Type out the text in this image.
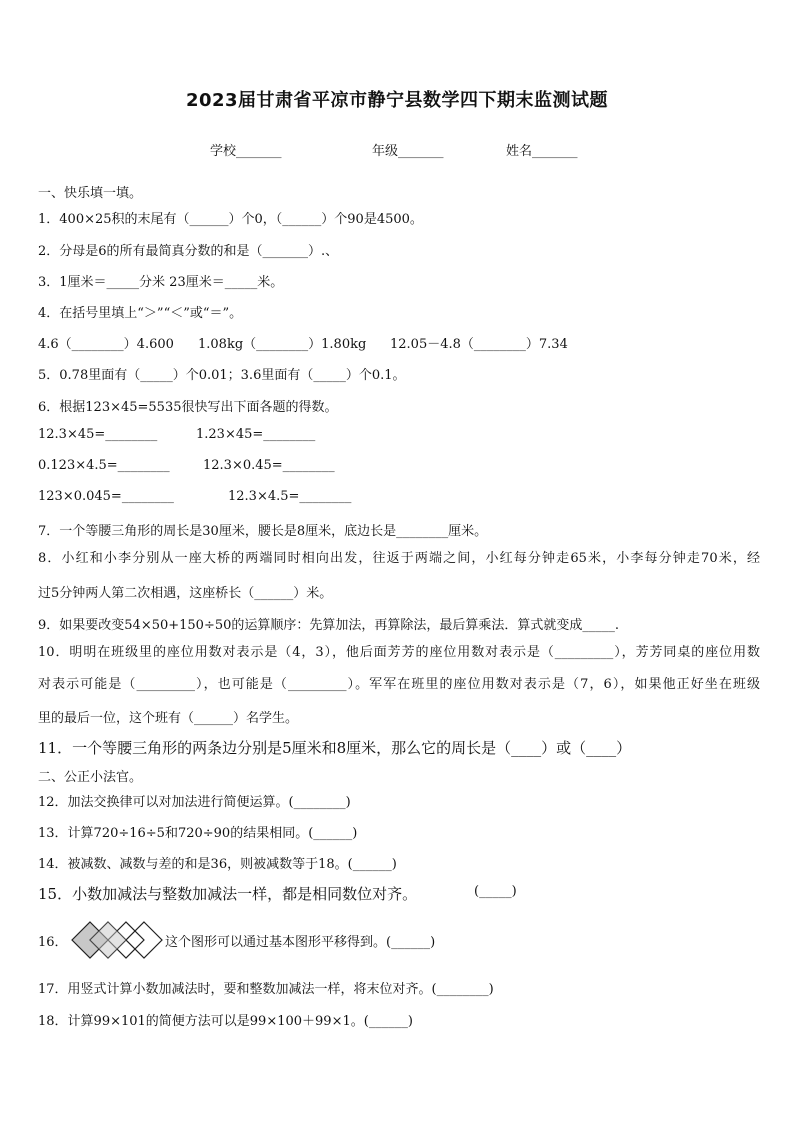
2023届甘肃省平凉市静宁县数学四下期末监测试题
学校_______	年级_______	姓名_______
一、快乐填一填。
1．400×25积的末尾有（______）个0，（______）个90是4500。
2．分母是6的所有最简真分数的和是（_______）.、
3．1厘米＝_____分米 23厘米＝_____米。
4．在括号里填上“＞”“＜”或“＝”。
4.6（________）4.600 1.08kg（________）1.80kg 12.05－4.8（________）7.34
5．0.78里面有（_____）个0.01；3.6里面有（_____）个0.1。
6．根据123×45=5535很快写出下面各题的得数。
12.3×45=________	1.23×45=________
0.123×4.5=________	12.3×0.45=________
123×0.045=________	12.3×4.5=________
7．一个等腰三角形的周长是30厘米，腰长是8厘米，底边长是________厘米。
8．小红和小李分别从一座大桥的两端同时相向出发，往返于两端之间，小红每分钟走65米，小李每分钟走70米，经
过5分钟两人第二次相遇，这座桥长（______）米。
9．如果要改变54×50+150÷50的运算顺序：先算加法，再算除法，最后算乘法．算式就变成_____.
10．明明在班级里的座位用数对表示是（4，3），他后面芳芳的座位用数对表示是（_________），芳芳同桌的座位用数
对表示可能是（_________），也可能是（_________）。军军在班里的座位用数对表示是（7，6），如果他正好坐在班级
里的最后一位，这个班有（______）名学生。
11．一个等腰三角形的两条边分别是5厘米和8厘米，那么它的周长是（____）或（____）
二、公正小法官。
12．加法交换律可以对加法进行简便运算。(________)
13．计算720÷16÷5和720÷90的结果相同。(______)
14．被减数、减数与差的和是36，则被减数等于18。(______)
15．小数加减法与整数加减法一样，都是相同数位对齐。	(_____)
16．	这个图形可以通过基本图形平移得到。(______)
17．用竖式计算小数加减法时，要和整数加减法一样，将末位对齐。(________)
18．计算99×101的简便方法可以是99×100＋99×1。(______)
